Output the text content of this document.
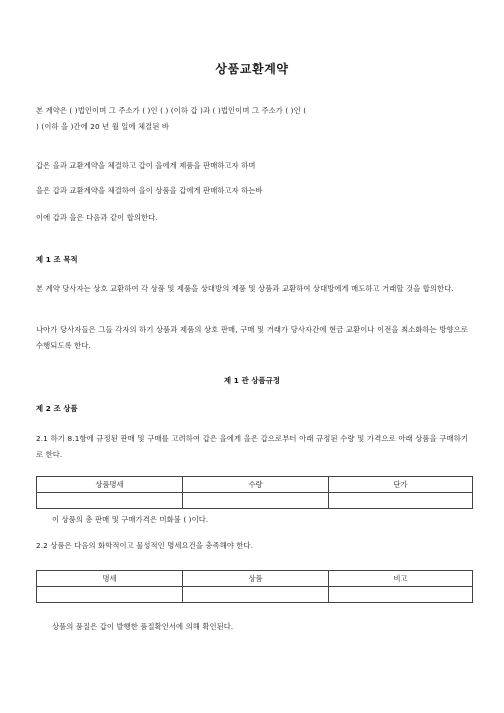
상품교환계약
본 계약은 ( )법인이며 그 주소가 ( )인 ( ) (이하 갑 )과 ( )법인이며 그 주소가 ( )인 (
) (이하 을 )간에 20 년 월 일에 체결된 바
갑은 을과 교환계약을 체결하고 갑이 을에게 제품을 판매하고자 하며
을은 갑과 교환계약을 체결하여 을이 상품을 갑에게 판매하고자 하는바
이에 갑과 을은 다음과 같이 합의한다.
제 1 조 목적
본 계약 당사자는 상호 교환하여 각 상품 및 제품을 상대방의 제품 및 상품과 교환하여 상대방에게 매도하고 거래할 것을 합의한다.
나아가 당사자들은 그들 각자의 하기 상품과 제품의 상호 판매, 구매 및 거래가 당사자간에 현금 교환이나 이전을 최소화하는 방향으로 수행되도록 한다.
제 1 관 상품규정
제 2 조 상품
2.1 하기 8.1항에 규정된 판매 및 구매를 고려하여 갑은 을에게 을은 갑으로부터 아래 규정된 수량 및 가격으로 아래 상품을 구매하기로 한다.
상품명세	수량	단가

이 상품의 총 판매 및 구매가격은 미화불 ( )이다.
2.2 상품은 다음의 화학적이고 물성적인 명세요건을 충족해야 한다.
명세	상품	비고

상품의 품질은 갑이 발행한 품질확인서에 의해 확인된다.
